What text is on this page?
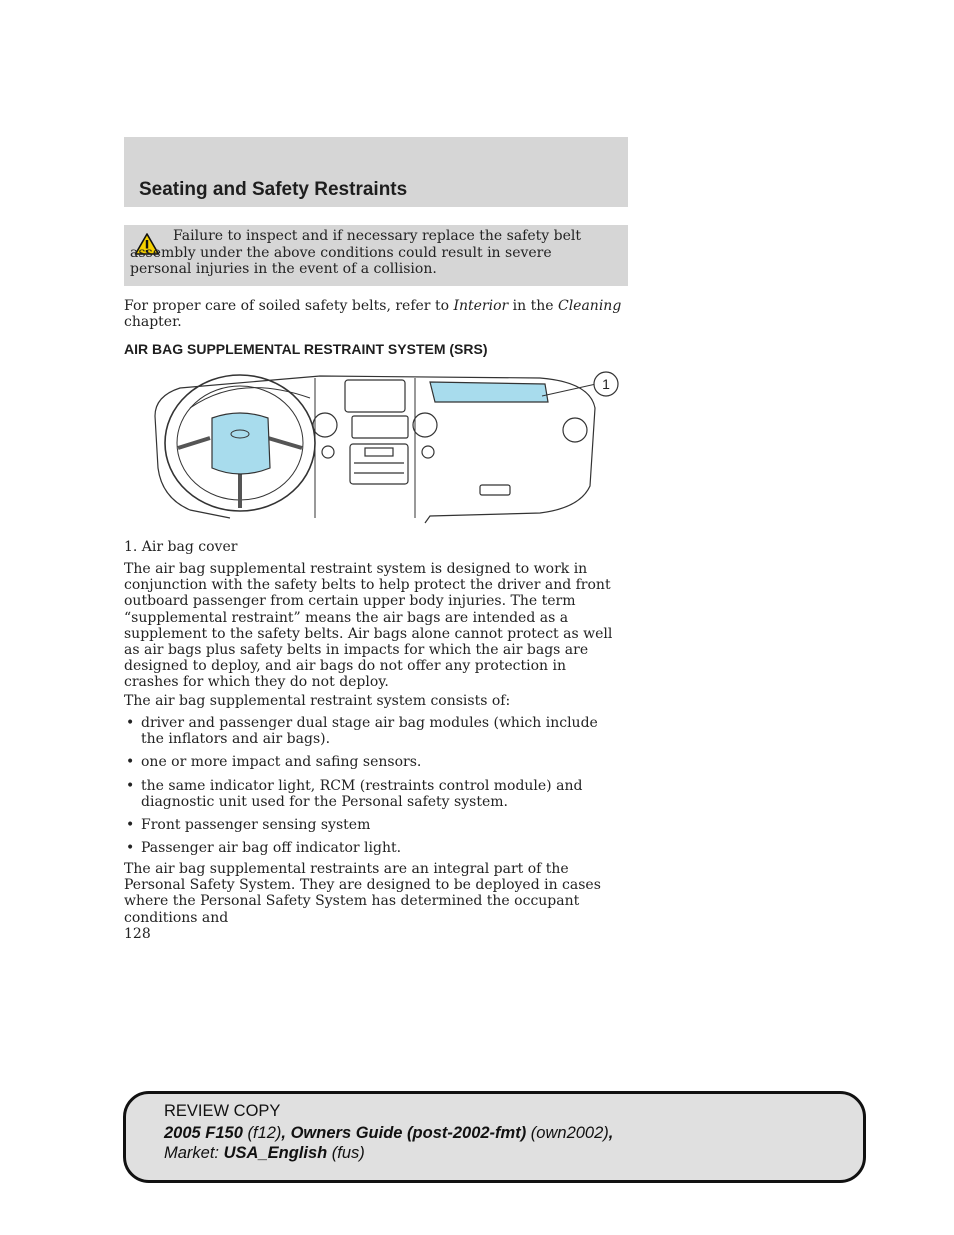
Seating and Safety Restraints

Failure to inspect and if necessary replace the safety belt assembly under the above conditions could result in severe personal injuries in the event of a collision.

For proper care of soiled safety belts, refer to Interior in the Cleaning chapter.

AIR BAG SUPPLEMENTAL RESTRAINT SYSTEM (SRS)
1

1. Air bag cover

The air bag supplemental restraint system is designed to work in conjunction with the safety belts to help protect the driver and front outboard passenger from certain upper body injuries. The term “supplemental restraint” means the air bags are intended as a supplement to the safety belts. Air bags alone cannot protect as well as air bags plus safety belts in impacts for which the air bags are designed to deploy, and air bags do not offer any protection in crashes for which they do not deploy.

The air bag supplemental restraint system consists of:

• driver and passenger dual stage air bag modules (which include the inflators and air bags).
• one or more impact and safing sensors.
• the same indicator light, RCM (restraints control module) and diagnostic unit used for the Personal safety system.
• Front passenger sensing system
• Passenger air bag off indicator light.

The air bag supplemental restraints are an integral part of the Personal Safety System. They are designed to be deployed in cases where the Personal Safety System has determined the occupant conditions and

128

REVIEW COPY

2005 F150 (f12), Owners Guide (post-2002-fmt) (own2002),

Market: USA_English (fus)
